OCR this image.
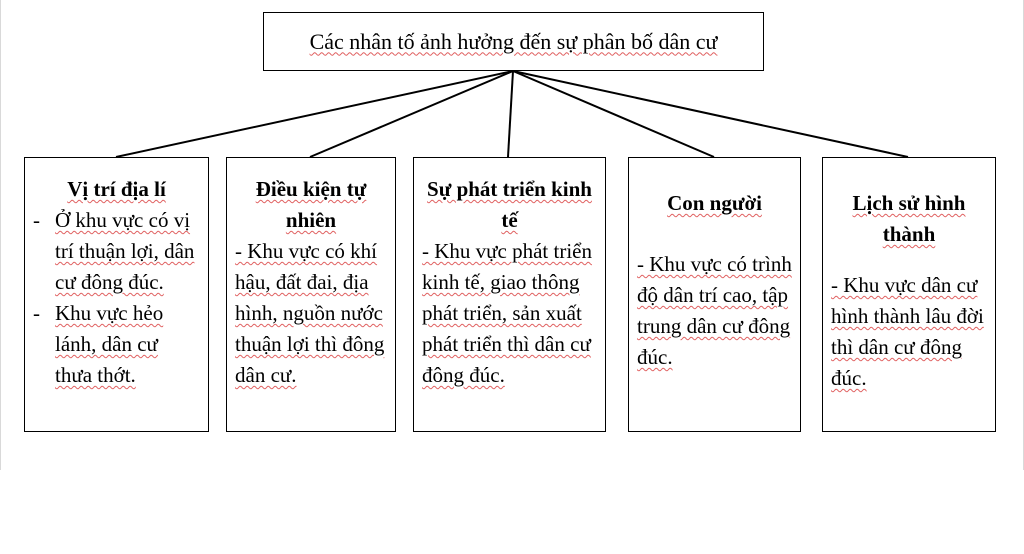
Các nhân tố ảnh hưởng đến sự phân bố dân cư
Vị trí địa lí
- Ở khu vực có vị trí thuận lợi, dân cư đông đúc.
- Khu vực hẻo lánh, dân cư thưa thớt.
Điều kiện tự nhiên
- Khu vực có khí hậu, đất đai, địa hình, nguồn nước thuận lợi thì đông dân cư.
Sự phát triển kinh tế
- Khu vực phát triển kinh tế, giao thông phát triển, sản xuất phát triển thì dân cư đông đúc.
Con người
- Khu vực có trình độ dân trí cao, tập trung dân cư đông đúc.
Lịch sử hình thành
- Khu vực dân cư hình thành lâu đời thì dân cư đông đúc.
